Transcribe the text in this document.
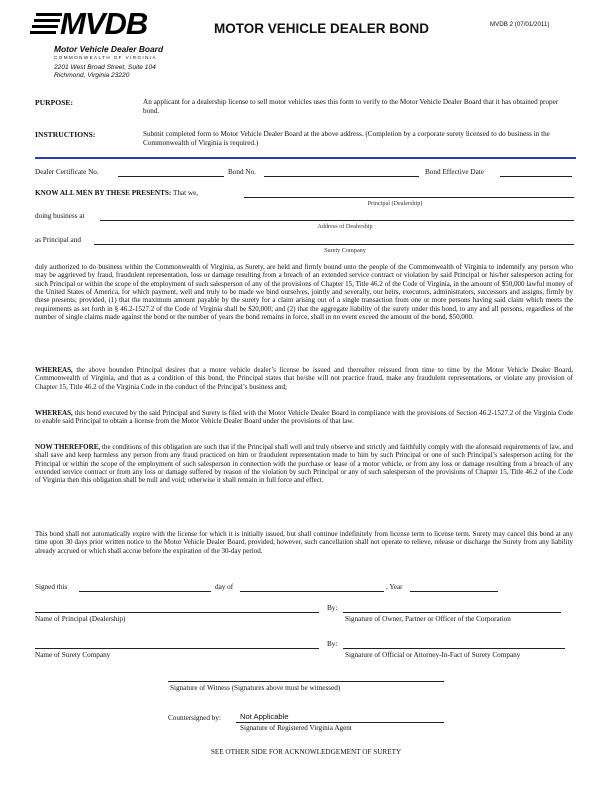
MVDB
Motor Vehicle Dealer Board
COMMONWEALTH OF VIRGINIA
2201 West Broad Street, Suite 104
Richmond, Virginia 23220
MOTOR VEHICLE DEALER BOND	MVDB 2 (07/01/2011)
PURPOSE:	An applicant for a dealership license to sell motor vehicles uses this form to verify to the Motor Vehicle Dealer Board that it has obtained proper bond.
INSTRUCTIONS:	Submit completed form to Motor Vehicle Dealer Board at the above address. (Completion by a corporate surety licensed to do business in the Commonwealth of Virginia is required.)
Dealer Certificate No.	Bond No.	Bond Effective Date
KNOW ALL MEN BY THESE PRESENTS: That we,
Principal (Dealership)
doing business at
Address of Dealership
as Principal and
Surety Company
duly authorized to do business within the Commonwealth of Virginia, as Surety, are held and firmly bound unto the people of the Commonwealth of Virginia to indemnify any person who may be aggrieved by fraud, fraudulent representation, loss or damage resulting from a breach of an extended service contract or violation by said Principal or his/her salesperson acting for such Principal or within the scope of the employment of such salesperson of any of the provisions of Chapter 15, Title 46.2 of the Code of Virginia, in the amount of $50,000 lawful money of the United States of America, for which payment, well and truly to be made we bind ourselves, jointly and severally, our heirs, executors, administrators, successors and assigns, firmly by these presents; provided, (1) that the maximum amount payable by the surety for a claim arising out of a single transaction from one or more persons having said claim which meets the requirements as set forth in § 46.2-1527.2 of the Code of Virginia shall be $20,000; and (2) that the aggregate liability of the surety under this bond, to any and all persons, regardless of the number of single claims made against the bond or the number of years the bond remains in force, shall in no event exceed the amount of the bond, $50,000.
WHEREAS, the above bounden Principal desires that a motor vehicle dealer’s license be issued and thereafter reissued from time to time by the Motor Vehicle Dealer Board, Commonwealth of Virginia, and that as a condition of this bond, the Principal states that he/she will not practice fraud, make any fraudulent representations, or violate any provision of Chapter 15, Title 46.2 of the Virginia Code in the conduct of the Principal’s business and;
WHEREAS, this bond executed by the said Principal and Surety is filed with the Motor Vehicle Dealer Board in compliance with the provisions of Section 46.2-1527.2 of the Virginia Code to enable said Principal to obtain a license from the Motor Vehicle Dealer Board under the provisions of that law.
NOW THEREFORE, the conditions of this obligation are such that if the Principal shall well and truly observe and strictly and faithfully comply with the aforesaid requirements of law, and shall save and keep harmless any person from any fraud practiced on him or fraudulent representation made to him by such Principal or one of such Principal’s salesperson acting for the Principal or within the scope of the employment of such salesperson in connection with the purchase or lease of a motor vehicle, or from any loss or damage resulting from a breach of any extended service contract or from any loss or damage suffered by reason of the violation by such Principal or any of such salesperson of the provisions of Chapter 15, Title 46.2 of the Code of Virginia then this obligation shall be null and void; otherwise it shall remain in full force and effect.
This bond shall not automatically expire with the license for which it is initially issued, but shall continue indefinitely from license term to license term. Surety may cancel this bond at any time upon 30 days prior written notice to the Motor Vehicle Dealer Board, provided, however, such cancellation shall not operate to relieve, release or discharge the Surety from any liability already accrued or which shall accrue before the expiration of the 30-day period.
Signed this	day of	, Year
By:
Name of Principal (Dealership)	Signature of Owner, Partner or Officer of the Corporation
By:
Name of Surety Company	Signature of Official or Attorney-In-Fact of Surety Company
Signature of Witness (Signatures above must be witnessed)
Countersigned by:	Not Applicable
Signature of Registered Virginia Agent
SEE OTHER SIDE FOR ACKNOWLEDGEMENT OF SURETY
